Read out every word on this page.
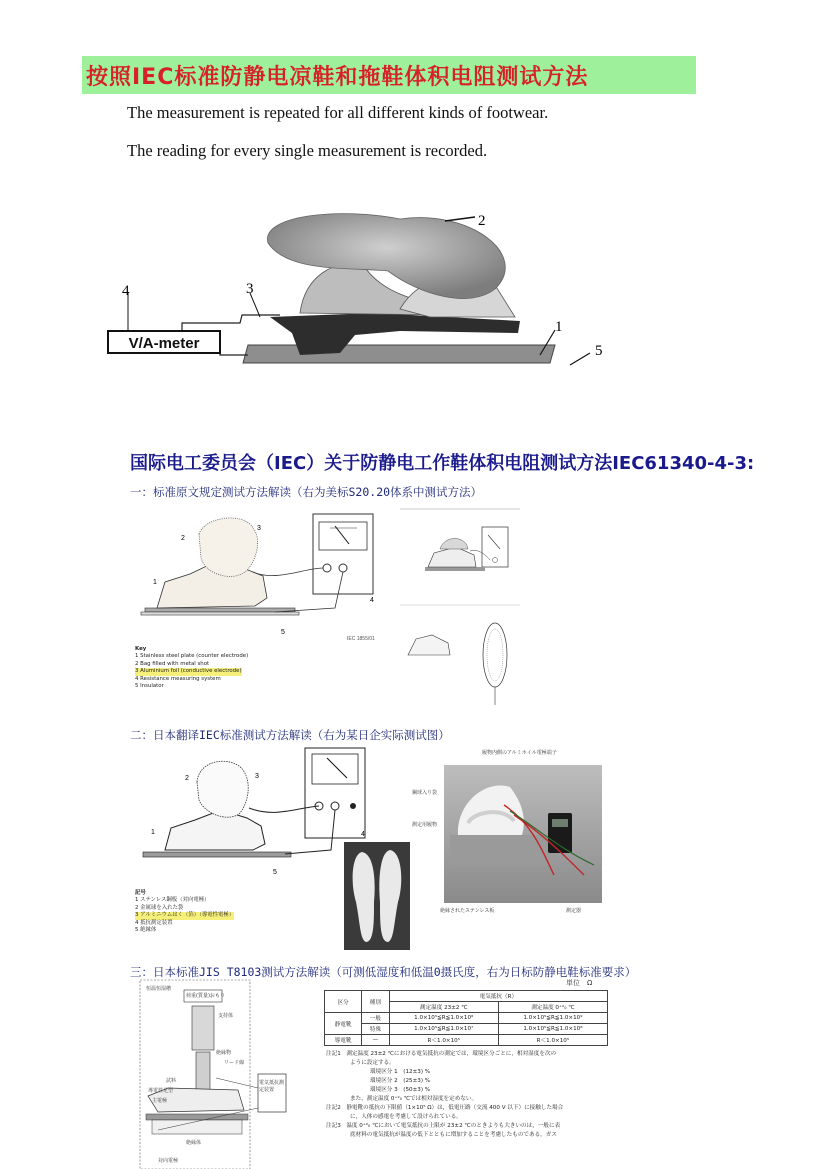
按照IEC标准防静电凉鞋和拖鞋体积电阻测试方法
The measurement is repeated for all different kinds of footwear.
The reading for every single measurement is recorded.
V/A-meter
1
2
3
4
5
国际电工委员会（IEC）关于防静电工作鞋体积电阻测试方法IEC61340-4-3:
一：标准原文规定测试方法解读（右为美标S20.20体系中测试方法）
1
2
3
4
5
IEC 1855/01
Key
1 Stainless steel plate (counter electrode)
2 Bag filled with metal shot
3 Aluminium foil (conductive electrode)
4 Resistance measuring system
5 Insulator
二：日本翻译IEC标准测试方法解读（右为某日企实际测试图）
1
2	3
4
5
記号
1 ステンレス鋼板（対向電極）
2 金属球を入れた袋
3 アルミニウムはく（箔）（導電性電極）
4 抵抗測定装置
5 絶縁体
履物内側のアルミホイル電極端子
鋼球入り袋
測定用履物
絶縁されたステンレス板	測定器
三：日本标准JIS T8103测试方法解读（可测低湿度和低温0摄氏度，右为日标防静电鞋标准要求）
単位　Ω
恒温恒湿槽
荷重(質量)おもり
支持体
絶縁物
リード線
電気抵抗測定装置
試料
導電性足型
主電極
絶縁体
対向電極
区分	種別	電気抵抗（R）	
		測定温度 23±2 ℃	測定温度 0⁺²₀ ℃
静電靴	一般	1.0×10⁵≦R≦1.0×10⁸	1.0×10⁵≦R≦1.0×10⁹
	特殊	1.0×10⁵≦R≦1.0×10⁷	1.0×10⁵≦R≦1.0×10⁸
導電靴	—	R＜1.0×10⁵	R＜1.0×10⁵
注記1　測定温度 23±2 ℃における電気抵抗の測定では，環境区分ごとに，相対湿度を次の
ように設定する。
環境区分 1　(12±3) %
環境区分 2　(25±3) %
環境区分 3　(50±3) %
また，測定温度 0⁺²₀ ℃では相対湿度を定めない。
注記2　静電靴の抵抗の下限値（1×10⁵ Ω）は，低電圧路（交流 400 V 以下）に接触した場合
に，人体の感電を考慮して設けられている。
注記3　温度 0⁺²₀ ℃において電気抵抗の上限が 23±2 ℃のときよりも大きいのは，一般に表
底材料の電気抵抗が温度の低下とともに増加することを考慮したものである。ガス
